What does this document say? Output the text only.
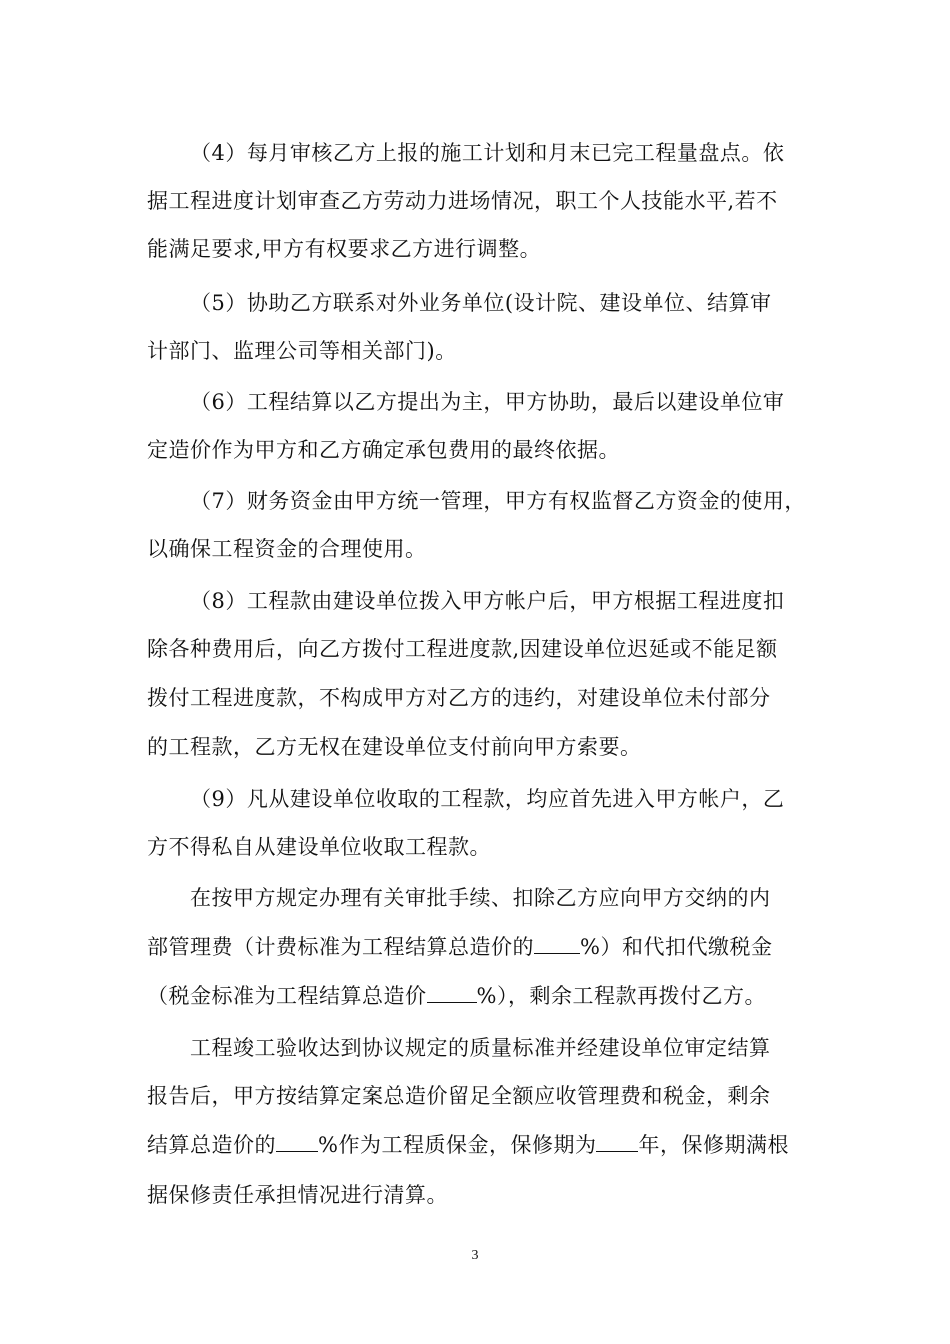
（4）每月审核乙方上报的施工计划和月末已完工程量盘点。依
据工程进度计划审查乙方劳动力进场情况，职工个人技能水平,若不
能满足要求,甲方有权要求乙方进行调整。
（5）协助乙方联系对外业务单位(设计院、建设单位、结算审
计部门、监理公司等相关部门)。
（6）工程结算以乙方提出为主，甲方协助，最后以建设单位审
定造价作为甲方和乙方确定承包费用的最终依据。
（7）财务资金由甲方统一管理，甲方有权监督乙方资金的使用，
以确保工程资金的合理使用。
（8）工程款由建设单位拨入甲方帐户后，甲方根据工程进度扣
除各种费用后，向乙方拨付工程进度款,因建设单位迟延或不能足额
拨付工程进度款，不构成甲方对乙方的违约，对建设单位未付部分
的工程款，乙方无权在建设单位支付前向甲方索要。
（9）凡从建设单位收取的工程款，均应首先进入甲方帐户，乙
方不得私自从建设单位收取工程款。
在按甲方规定办理有关审批手续、扣除乙方应向甲方交纳的内
部管理费（计费标准为工程结算总造价的 %）和代扣代缴税金
（税金标准为工程结算总造价 %），剩余工程款再拨付乙方。
工程竣工验收达到协议规定的质量标准并经建设单位审定结算
报告后，甲方按结算定案总造价留足全额应收管理费和税金，剩余
结算总造价的 %作为工程质保金，保修期为 年，保修期满根
据保修责任承担情况进行清算。
3
